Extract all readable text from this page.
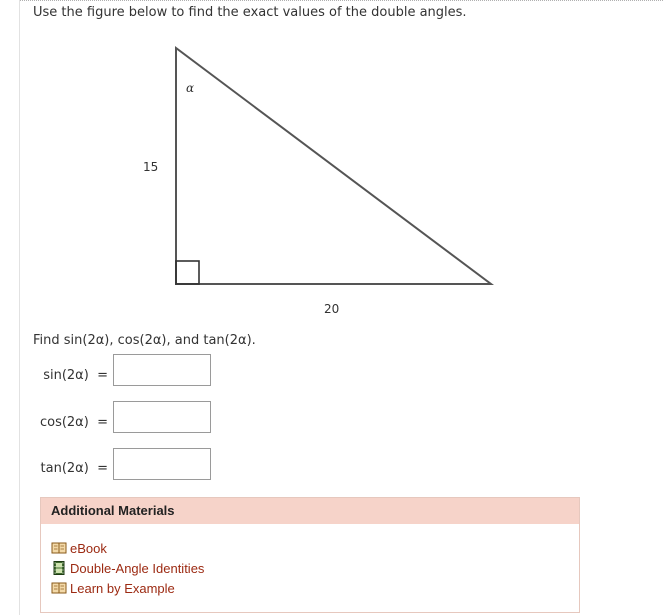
Use the figure below to find the exact values of the double angles.
α
15
20
Find sin(2α), cos(2α), and tan(2α).
sin(2α) =
cos(2α) =
tan(2α) =
Additional Materials
eBook
Double-Angle Identities
Learn by Example
